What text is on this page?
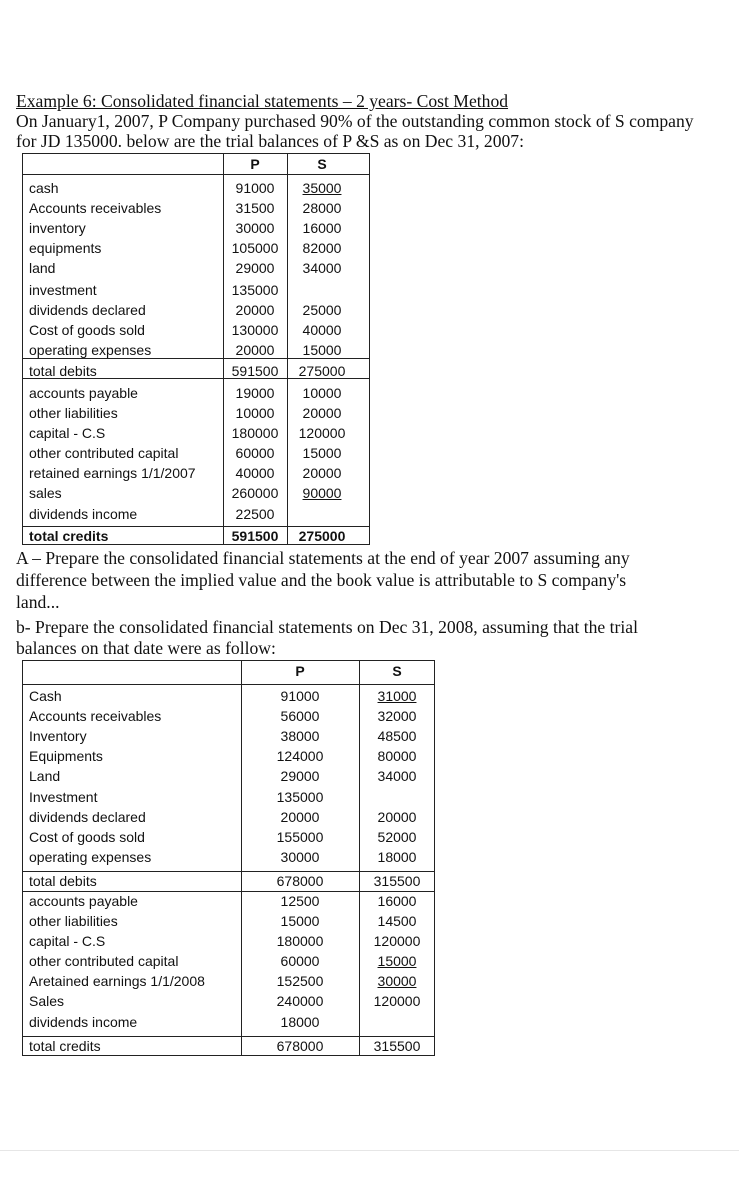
Example 6: Consolidated financial statements – 2 years- Cost Method
On January1, 2007, P Company purchased 90% of the outstanding common stock of S company
for JD 135000. below are the trial balances of P &S as on Dec 31, 2007:
P	S
cash	91000	35000
Accounts receivables	31500	28000
inventory	30000	16000
equipments	105000	82000
land	29000	34000
investment	135000
dividends declared	20000	25000
Cost of goods sold	130000	40000
operating expenses	20000	15000
total debits	591500	275000
accounts payable	19000	10000
other liabilities	10000	20000
capital - C.S	180000	120000
other contributed capital	60000	15000
retained earnings 1/1/2007	40000	20000
sales	260000	90000
dividends income	22500
total credits	591500	275000
A – Prepare the consolidated financial statements at the end of year 2007 assuming any
difference between the implied value and the book value is attributable to S company's
land...
b- Prepare the consolidated financial statements on Dec 31, 2008, assuming that the trial
balances on that date were as follow:
P	S
Cash	91000	31000
Accounts receivables	56000	32000
Inventory	38000	48500
Equipments	124000	80000
Land	29000	34000
Investment	135000
dividends declared	20000	20000
Cost of goods sold	155000	52000
operating expenses	30000	18000
total debits	678000	315500
accounts payable	12500	16000
other liabilities	15000	14500
capital - C.S	180000	120000
other contributed capital	60000	15000
Aretained earnings 1/1/2008	152500	30000
Sales	240000	120000
dividends income	18000
total credits	678000	315500
